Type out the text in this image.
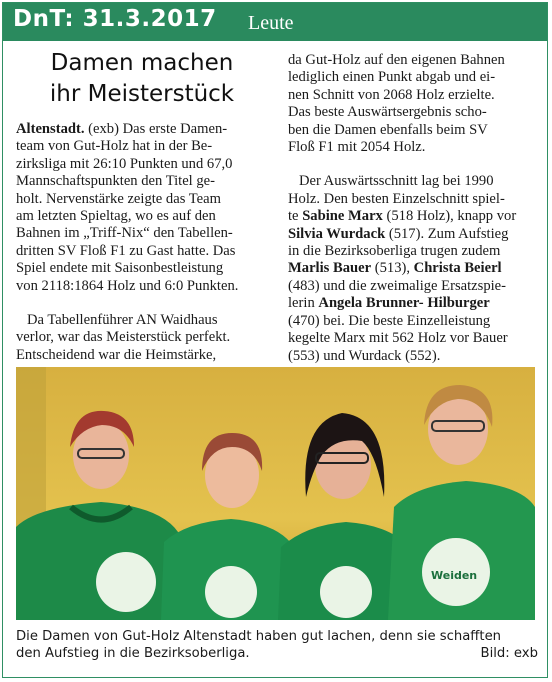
DnT: 31.3.2017 Leute
Damen machen
ihr Meisterstück

Altenstadt. (exb) Das erste Damen-
team von Gut-Holz hat in der Be-
zirksliga mit 26:10 Punkten und 67,0
Mannschaftspunkten den Titel ge-
holt. Nervenstärke zeigte das Team
am letzten Spieltag, wo es auf den
Bahnen im „Triff-Nix“ den Tabellen-
dritten SV Floß F1 zu Gast hatte. Das
Spiel endete mit Saisonbestleistung
von 2118:1864 Holz und 6:0 Punkten.

Da Tabellenführer AN Waidhaus
verlor, war das Meisterstück perfekt.
Entscheidend war die Heimstärke,

da Gut-Holz auf den eigenen Bahnen
lediglich einen Punkt abgab und ei-
nen Schnitt von 2068 Holz erzielte.
Das beste Auswärtsergebnis scho-
ben die Damen ebenfalls beim SV
Floß F1 mit 2054 Holz.

Der Auswärtsschnitt lag bei 1990
Holz. Den besten Einzelschnitt spiel-
te Sabine Marx (518 Holz), knapp vor
Silvia Wurdack (517). Zum Aufstieg
in die Bezirksoberliga trugen zudem
Marlis Bauer (513), Christa Beierl
(483) und die zweimalige Ersatzspie-
lerin Angela Brunner- Hilburger
(470) bei. Die beste Einzelleistung
kegelte Marx mit 562 Holz vor Bauer
(553) und Wurdack (552).

Weiden
Die Damen von Gut-Holz Altenstadt haben gut lachen, denn sie schafften
den Aufstieg in die Bezirksoberliga.	Bild: exb
